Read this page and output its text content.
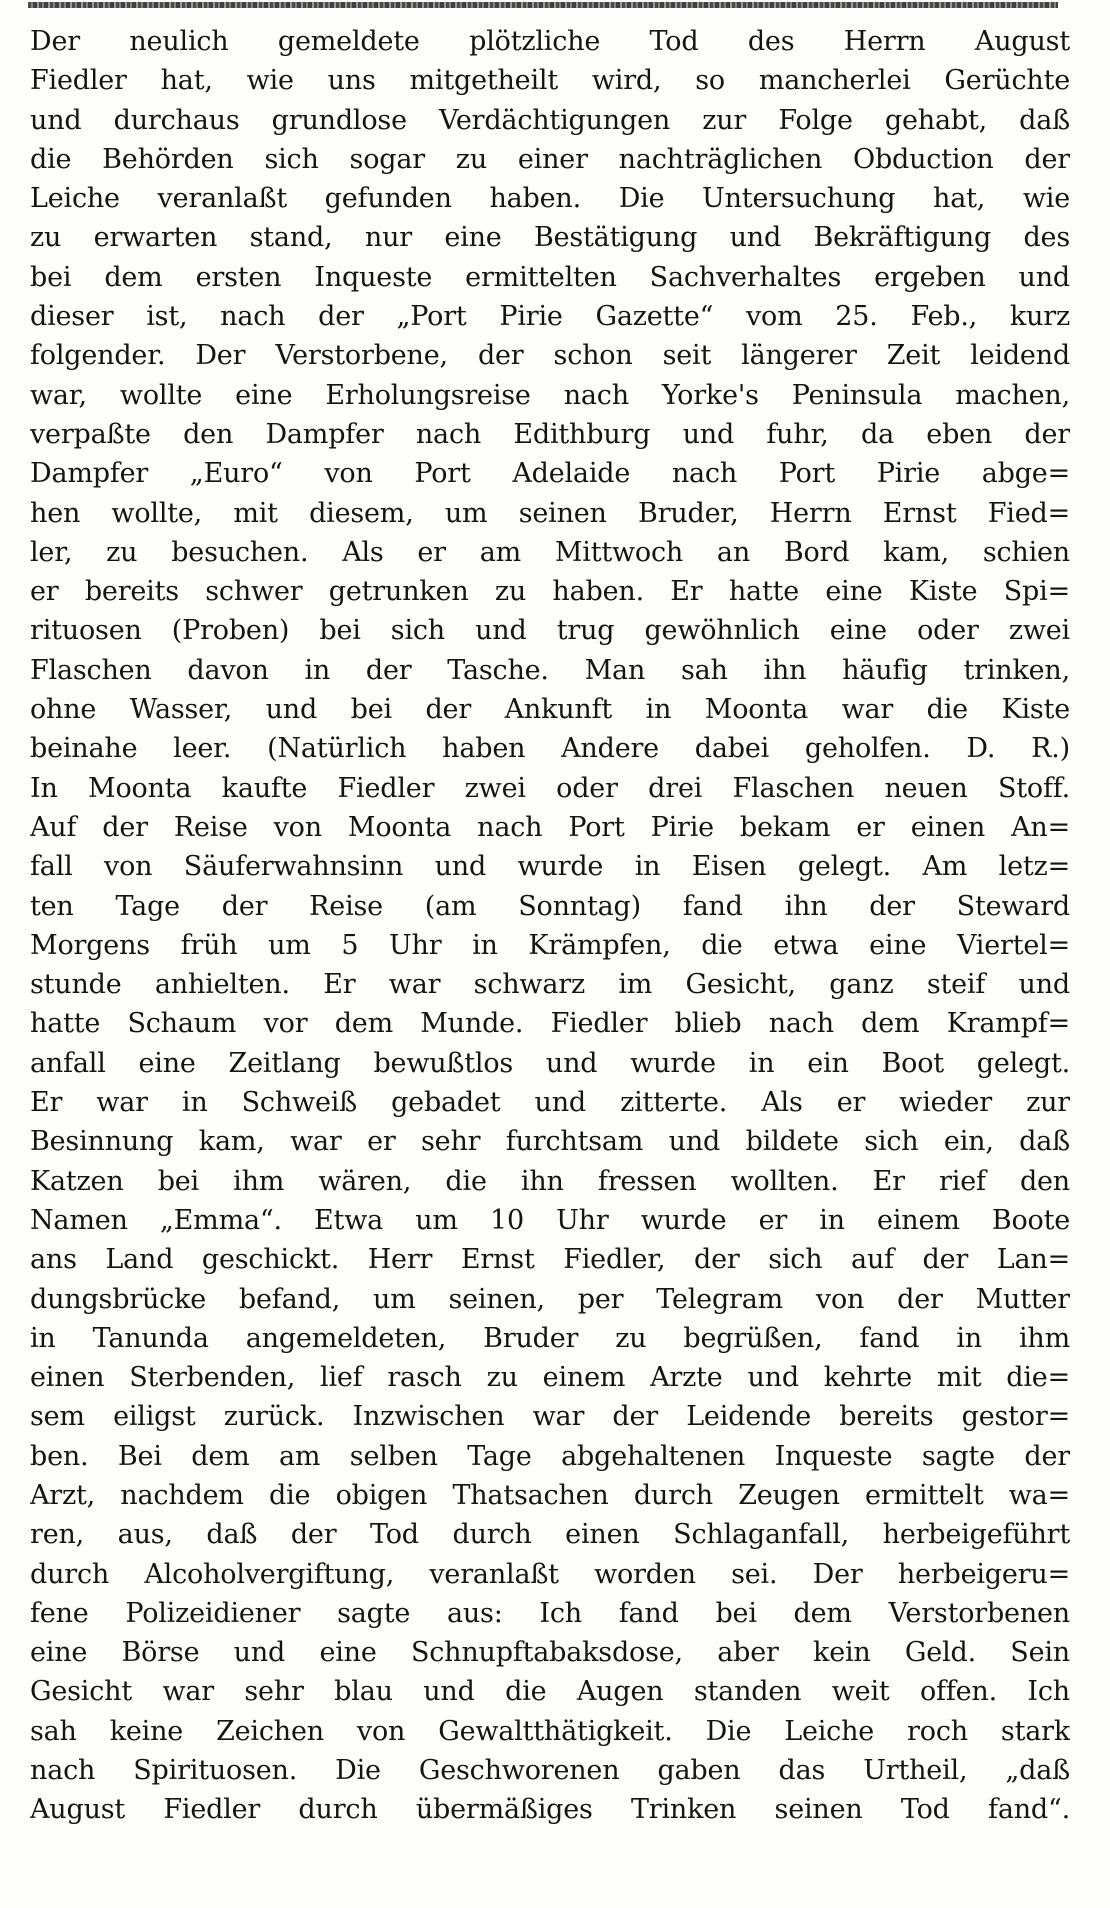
Der neulich gemeldete plötzliche Tod des Herrn August
Fiedler hat, wie uns mitgetheilt wird, so mancherlei Gerüchte
und durchaus grundlose Verdächtigungen zur Folge gehabt, daß
die Behörden sich sogar zu einer nachträglichen Obduction der
Leiche veranlaßt gefunden haben. Die Untersuchung hat, wie
zu erwarten stand, nur eine Bestätigung und Bekräftigung des
bei dem ersten Inqueste ermittelten Sachverhaltes ergeben und
dieser ist, nach der „Port Pirie Gazette“ vom 25. Feb., kurz
folgender. Der Verstorbene, der schon seit längerer Zeit leidend
war, wollte eine Erholungsreise nach Yorke's Peninsula machen,
verpaßte den Dampfer nach Edithburg und fuhr, da eben der
Dampfer „Euro“ von Port Adelaide nach Port Pirie abge=
hen wollte, mit diesem, um seinen Bruder, Herrn Ernst Fied=
ler, zu besuchen. Als er am Mittwoch an Bord kam, schien
er bereits schwer getrunken zu haben. Er hatte eine Kiste Spi=
rituosen (Proben) bei sich und trug gewöhnlich eine oder zwei
Flaschen davon in der Tasche. Man sah ihn häufig trinken,
ohne Wasser, und bei der Ankunft in Moonta war die Kiste
beinahe leer. (Natürlich haben Andere dabei geholfen. D. R.)
In Moonta kaufte Fiedler zwei oder drei Flaschen neuen Stoff.
Auf der Reise von Moonta nach Port Pirie bekam er einen An=
fall von Säuferwahnsinn und wurde in Eisen gelegt. Am letz=
ten Tage der Reise (am Sonntag) fand ihn der Steward
Morgens früh um 5 Uhr in Krämpfen, die etwa eine Viertel=
stunde anhielten. Er war schwarz im Gesicht, ganz steif und
hatte Schaum vor dem Munde. Fiedler blieb nach dem Krampf=
anfall eine Zeitlang bewußtlos und wurde in ein Boot gelegt.
Er war in Schweiß gebadet und zitterte. Als er wieder zur
Besinnung kam, war er sehr furchtsam und bildete sich ein, daß
Katzen bei ihm wären, die ihn fressen wollten. Er rief den
Namen „Emma“. Etwa um 10 Uhr wurde er in einem Boote
ans Land geschickt. Herr Ernst Fiedler, der sich auf der Lan=
dungsbrücke befand, um seinen, per Telegram von der Mutter
in Tanunda angemeldeten, Bruder zu begrüßen, fand in ihm
einen Sterbenden, lief rasch zu einem Arzte und kehrte mit die=
sem eiligst zurück. Inzwischen war der Leidende bereits gestor=
ben. Bei dem am selben Tage abgehaltenen Inqueste sagte der
Arzt, nachdem die obigen Thatsachen durch Zeugen ermittelt wa=
ren, aus, daß der Tod durch einen Schlaganfall, herbeigeführt
durch Alcoholvergiftung, veranlaßt worden sei. Der herbeigeru=
fene Polizeidiener sagte aus: Ich fand bei dem Verstorbenen
eine Börse und eine Schnupftabaksdose, aber kein Geld. Sein
Gesicht war sehr blau und die Augen standen weit offen. Ich
sah keine Zeichen von Gewaltthätigkeit. Die Leiche roch stark
nach Spirituosen. Die Geschworenen gaben das Urtheil, „daß
August Fiedler durch übermäßiges Trinken seinen Tod fand“.
